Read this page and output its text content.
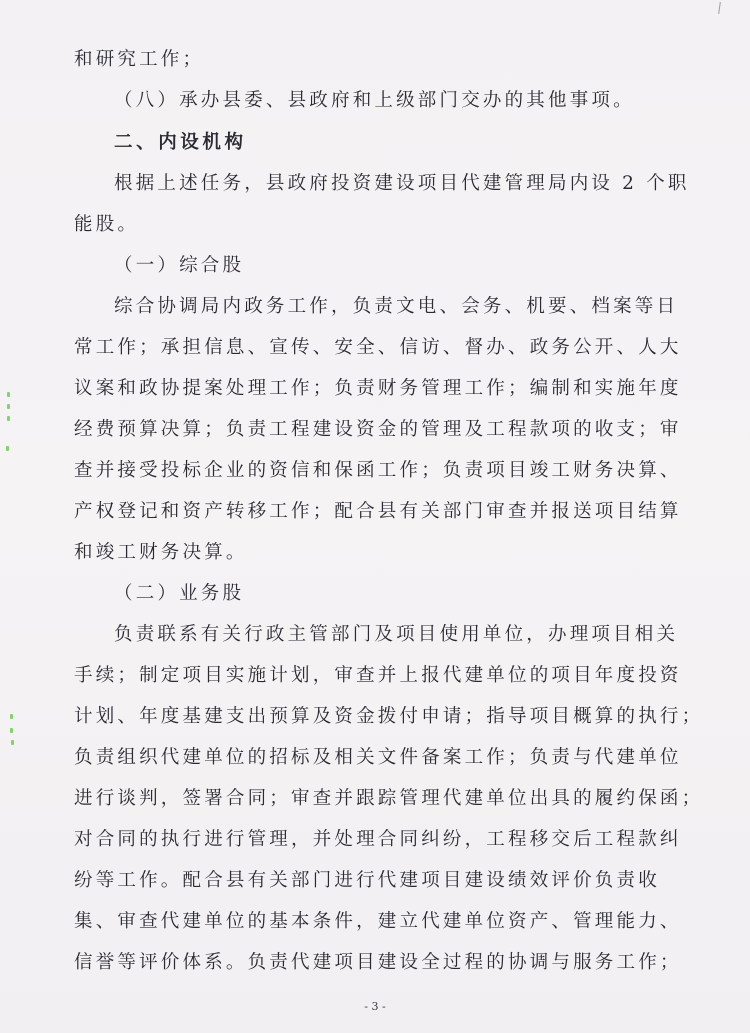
和研究工作；
（八）承办县委、县政府和上级部门交办的其他事项。
二、内设机构
根据上述任务，县政府投资建设项目代建管理局内设 2 个职
能股。
（一）综合股
综合协调局内政务工作，负责文电、会务、机要、档案等日
常工作；承担信息、宣传、安全、信访、督办、政务公开、人大
议案和政协提案处理工作；负责财务管理工作；编制和实施年度
经费预算决算；负责工程建设资金的管理及工程款项的收支；审
查并接受投标企业的资信和保函工作；负责项目竣工财务决算、
产权登记和资产转移工作；配合县有关部门审查并报送项目结算
和竣工财务决算。
（二）业务股
负责联系有关行政主管部门及项目使用单位，办理项目相关
手续；制定项目实施计划，审查并上报代建单位的项目年度投资
计划、年度基建支出预算及资金拨付申请；指导项目概算的执行；
负责组织代建单位的招标及相关文件备案工作；负责与代建单位
进行谈判，签署合同；审查并跟踪管理代建单位出具的履约保函；
对合同的执行进行管理，并处理合同纠纷，工程移交后工程款纠
纷等工作。配合县有关部门进行代建项目建设绩效评价负责收
集、审查代建单位的基本条件，建立代建单位资产、管理能力、
信誉等评价体系。负责代建项目建设全过程的协调与服务工作；
- 3 -
